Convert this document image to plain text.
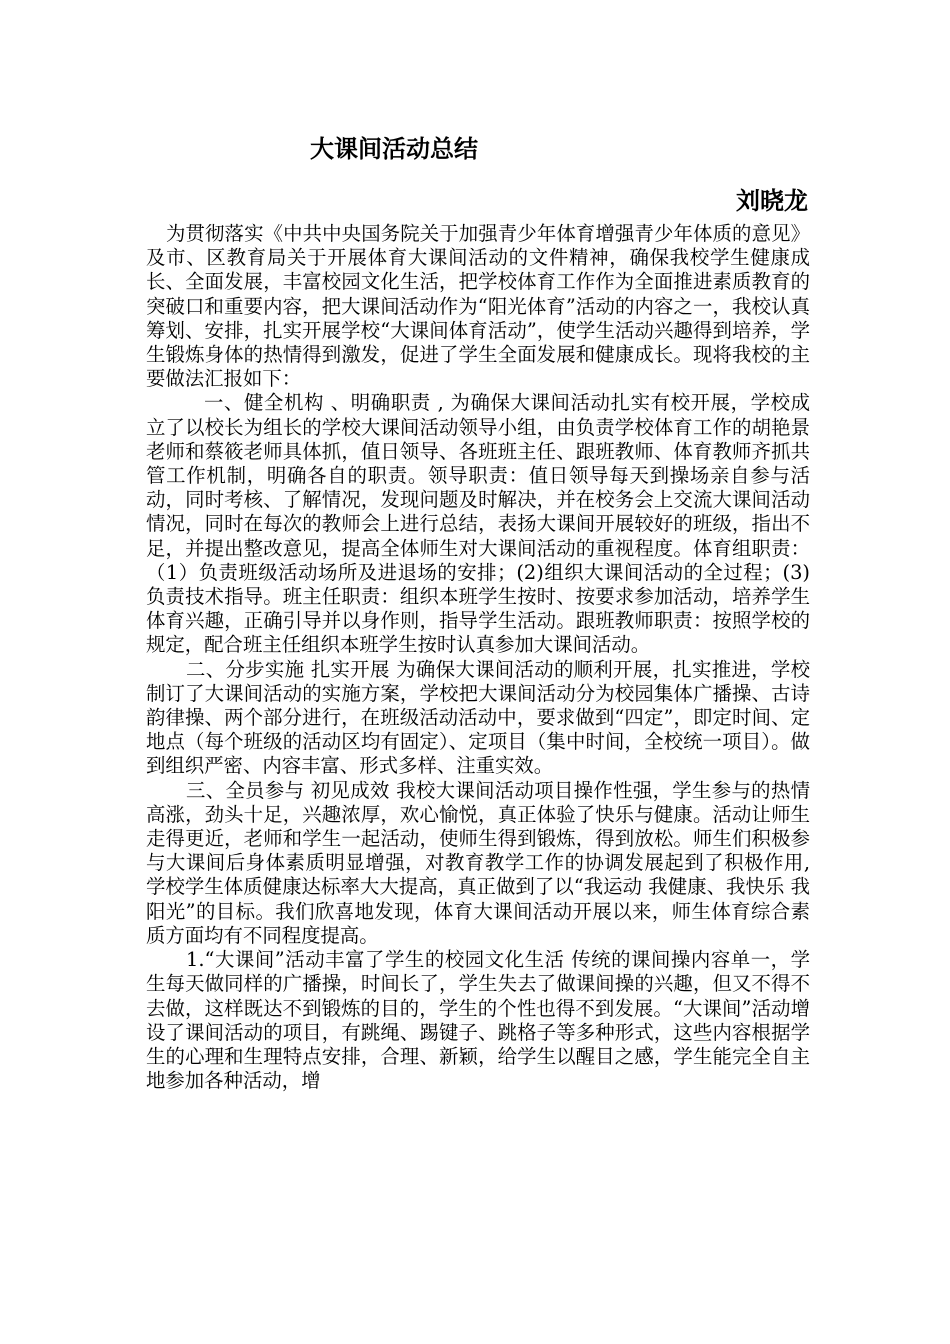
大课间活动总结
刘晓龙

为贯彻落实《中共中央国务院关于加强青少年体育增强青少年体质的意见》及市、区教育局关于开展体育大课间活动的文件精神，确保我校学生健康成长、全面发展，丰富校园文化生活，把学校体育工作作为全面推进素质教育的突破口和重要内容，把大课间活动作为“阳光体育”活动的内容之一，我校认真筹划、安排，扎实开展学校“大课间体育活动”，使学生活动兴趣得到培养，学生锻炼身体的热情得到激发，促进了学生全面发展和健康成长。现将我校的主要做法汇报如下：

一、健全机构 、明确职责 , 为确保大课间活动扎实有校开展，学校成立了以校长为组长的学校大课间活动领导小组，由负责学校体育工作的胡艳景老师和蔡筱老师具体抓，值日领导、各班班主任、跟班教师、体育教师齐抓共管工作机制，明确各自的职责。领导职责：值日领导每天到操场亲自参与活动，同时考核、了解情况，发现问题及时解决，并在校务会上交流大课间活动情况，同时在每次的教师会上进行总结，表扬大课间开展较好的班级，指出不足，并提出整改意见，提高全体师生对大课间活动的重视程度。体育组职责：（1）负责班级活动场所及进退场的安排；(2)组织大课间活动的全过程；(3)负责技术指导。班主任职责：组织本班学生按时、按要求参加活动，培养学生体育兴趣，正确引导并以身作则，指导学生活动。跟班教师职责：按照学校的规定，配合班主任组织本班学生按时认真参加大课间活动。

二、分步实施 扎实开展 为确保大课间活动的顺利开展，扎实推进，学校制订了大课间活动的实施方案，学校把大课间活动分为校园集体广播操、古诗韵律操、两个部分进行，在班级活动活动中，要求做到“四定”，即定时间、定地点（每个班级的活动区均有固定）、定项目（集中时间，全校统一项目）。做到组织严密、内容丰富、形式多样、注重实效。

三、全员参与 初见成效 我校大课间活动项目操作性强，学生参与的热情高涨，劲头十足，兴趣浓厚，欢心愉悦，真正体验了快乐与健康。活动让师生走得更近，老师和学生一起活动，使师生得到锻炼，得到放松。师生们积极参与大课间后身体素质明显增强，对教育教学工作的协调发展起到了积极作用,学校学生体质健康达标率大大提高，真正做到了以“我运动 我健康、我快乐 我阳光”的目标。我们欣喜地发现，体育大课间活动开展以来，师生体育综合素质方面均有不同程度提高。

1.“大课间”活动丰富了学生的校园文化生活 传统的课间操内容单一，学生每天做同样的广播操，时间长了，学生失去了做课间操的兴趣，但又不得不去做，这样既达不到锻炼的目的，学生的个性也得不到发展。“大课间”活动增设了课间活动的项目，有跳绳、踢键子、跳格子等多种形式，这些内容根据学生的心理和生理特点安排，合理、新颖，给学生以醒目之感，学生能完全自主地参加各种活动，增
